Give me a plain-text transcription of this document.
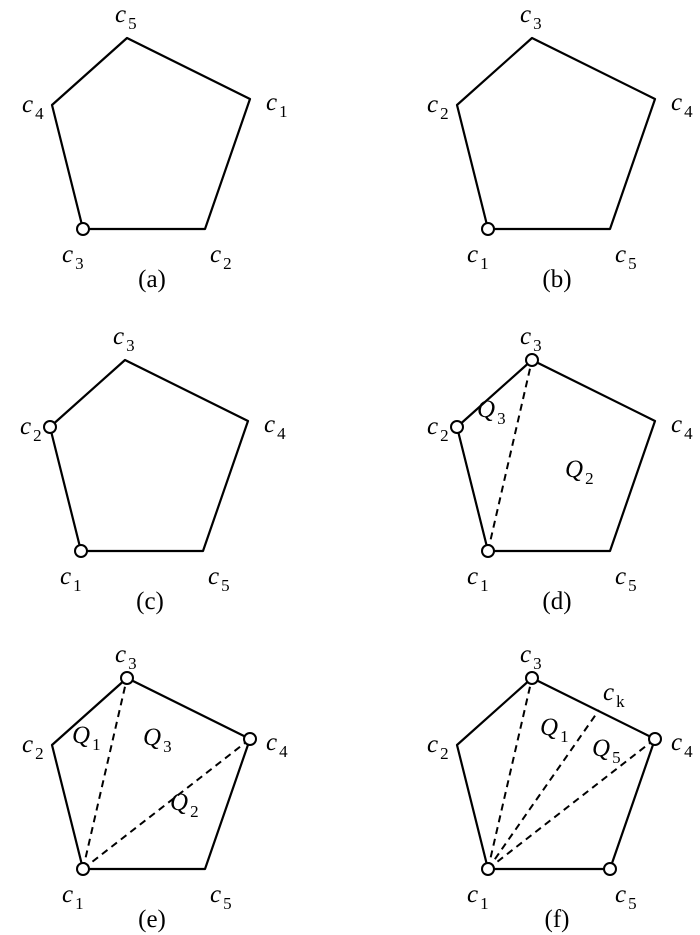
c $_3$	c $_2$
c $_1$
c $_5$
c $_4$
(a)
c $_1$	c $_5$
c $_4$
c $_3$
c $_2$
(b)
c $_1$	c $_5$
c $_4$
c $_3$
c $_2$
(c)
c $_1$	c $_5$
c $_4$
c $_3$
c $_2$
Q $_3$
Q $_2$
(d)
c $_1$	c $_5$
c $_4$
c $_3$
c $_2$
Q $_1$ Q $_3$
Q $_2$
(e)
c $_1$	c $_5$
c $_4$
c $_3$
c $_2$
Q $_1$ Q $_5$
c $_k$
(f)
